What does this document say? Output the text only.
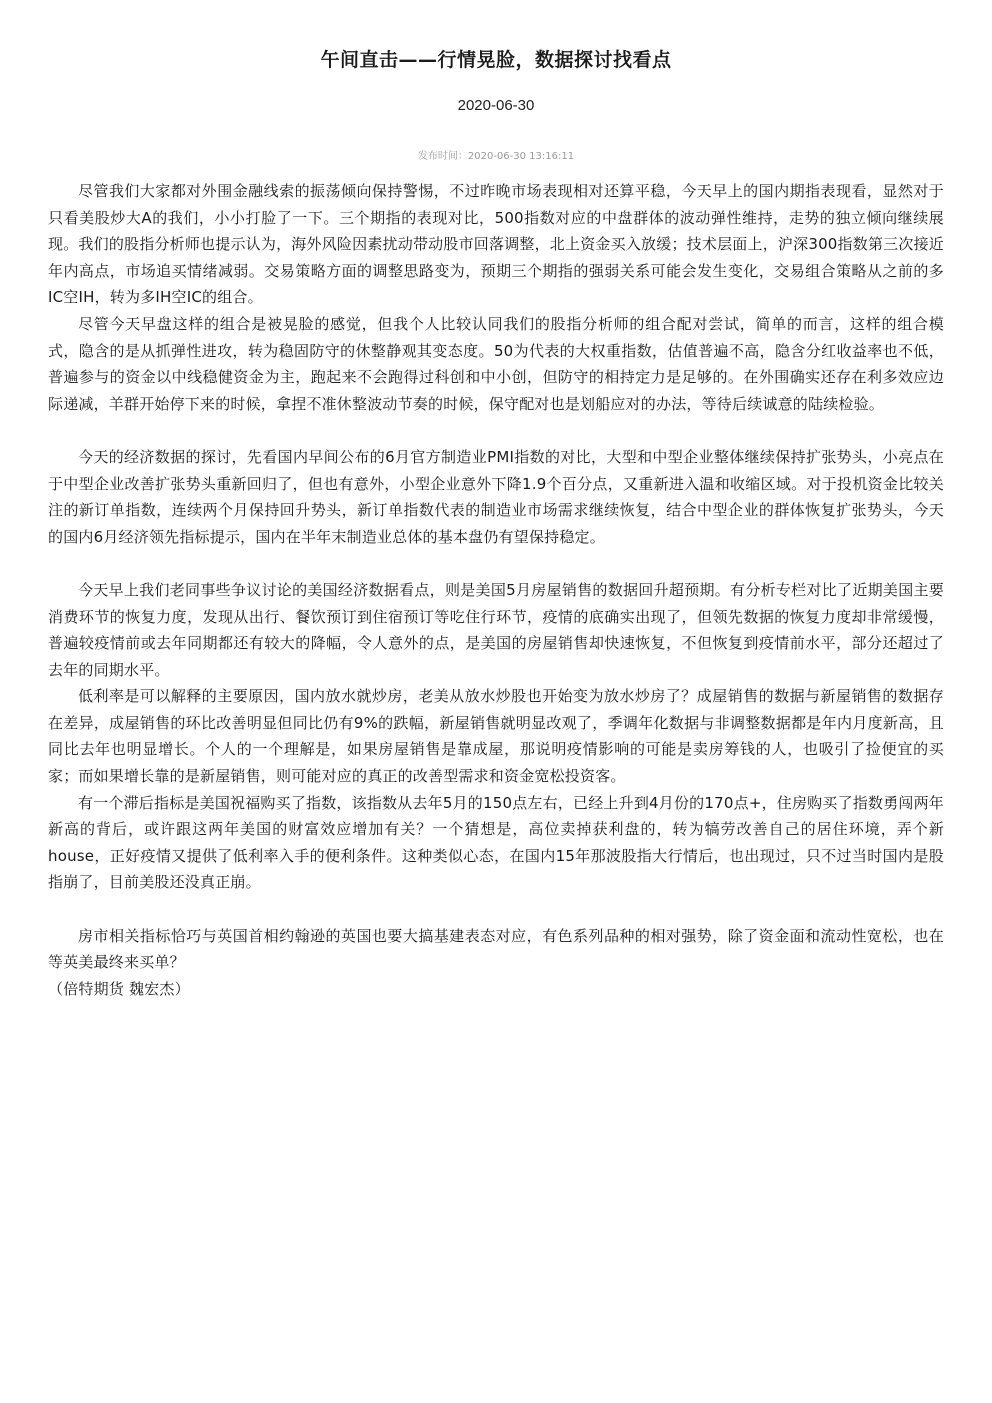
午间直击——行情晃脸，数据探讨找看点
2020-06-30
发布时间：2020-06-30 13:16:11

尽管我们大家都对外围金融线索的振荡倾向保持警惕，不过昨晚市场表现相对还算平稳，今天早上的国内期指表现看，显然对于只看美股炒大A的我们，小小打脸了一下。三个期指的表现对比，500指数对应的中盘群体的波动弹性维持，走势的独立倾向继续展现。我们的股指分析师也提示认为，海外风险因素扰动带动股市回落调整，北上资金买入放缓；技术层面上，沪深300指数第三次接近年内高点，市场追买情绪减弱。交易策略方面的调整思路变为，预期三个期指的强弱关系可能会发生变化，交易组合策略从之前的多IC空IH，转为多IH空IC的组合。

尽管今天早盘这样的组合是被晃脸的感觉，但我个人比较认同我们的股指分析师的组合配对尝试，简单的而言，这样的组合模式，隐含的是从抓弹性进攻，转为稳固防守的休整静观其变态度。50为代表的大权重指数，估值普遍不高，隐含分红收益率也不低，普遍参与的资金以中线稳健资金为主，跑起来不会跑得过科创和中小创，但防守的相持定力是足够的。在外围确实还存在利多效应边际递减，羊群开始停下来的时候，拿捏不准休整波动节奏的时候，保守配对也是划船应对的办法，等待后续诚意的陆续检验。

今天的经济数据的探讨，先看国内早间公布的6月官方制造业PMI指数的对比，大型和中型企业整体继续保持扩张势头，小亮点在于中型企业改善扩张势头重新回归了，但也有意外，小型企业意外下降1.9个百分点，又重新进入温和收缩区域。对于投机资金比较关注的新订单指数，连续两个月保持回升势头，新订单指数代表的制造业市场需求继续恢复，结合中型企业的群体恢复扩张势头，今天的国内6月经济领先指标提示，国内在半年末制造业总体的基本盘仍有望保持稳定。

今天早上我们老同事些争议讨论的美国经济数据看点，则是美国5月房屋销售的数据回升超预期。有分析专栏对比了近期美国主要消费环节的恢复力度，发现从出行、餐饮预订到住宿预订等吃住行环节，疫情的底确实出现了，但领先数据的恢复力度却非常缓慢，普遍较疫情前或去年同期都还有较大的降幅，令人意外的点，是美国的房屋销售却快速恢复，不但恢复到疫情前水平，部分还超过了去年的同期水平。

低利率是可以解释的主要原因，国内放水就炒房，老美从放水炒股也开始变为放水炒房了？成屋销售的数据与新屋销售的数据存在差异，成屋销售的环比改善明显但同比仍有9%的跌幅，新屋销售就明显改观了，季调年化数据与非调整数据都是年内月度新高，且同比去年也明显增长。个人的一个理解是，如果房屋销售是靠成屋，那说明疫情影响的可能是卖房筹钱的人，也吸引了捡便宜的买家；而如果增长靠的是新屋销售，则可能对应的真正的改善型需求和资金宽松投资客。

有一个滞后指标是美国祝福购买了指数，该指数从去年5月的150点左右，已经上升到4月份的170点+，住房购买了指数勇闯两年新高的背后，或许跟这两年美国的财富效应增加有关？一个猜想是，高位卖掉获利盘的，转为犒劳改善自己的居住环境，弄个新house，正好疫情又提供了低利率入手的便利条件。这种类似心态，在国内15年那波股指大行情后，也出现过，只不过当时国内是股指崩了，目前美股还没真正崩。

房市相关指标恰巧与英国首相约翰逊的英国也要大搞基建表态对应，有色系列品种的相对强势，除了资金面和流动性宽松，也在等英美最终来买单？

（倍特期货 魏宏杰）
